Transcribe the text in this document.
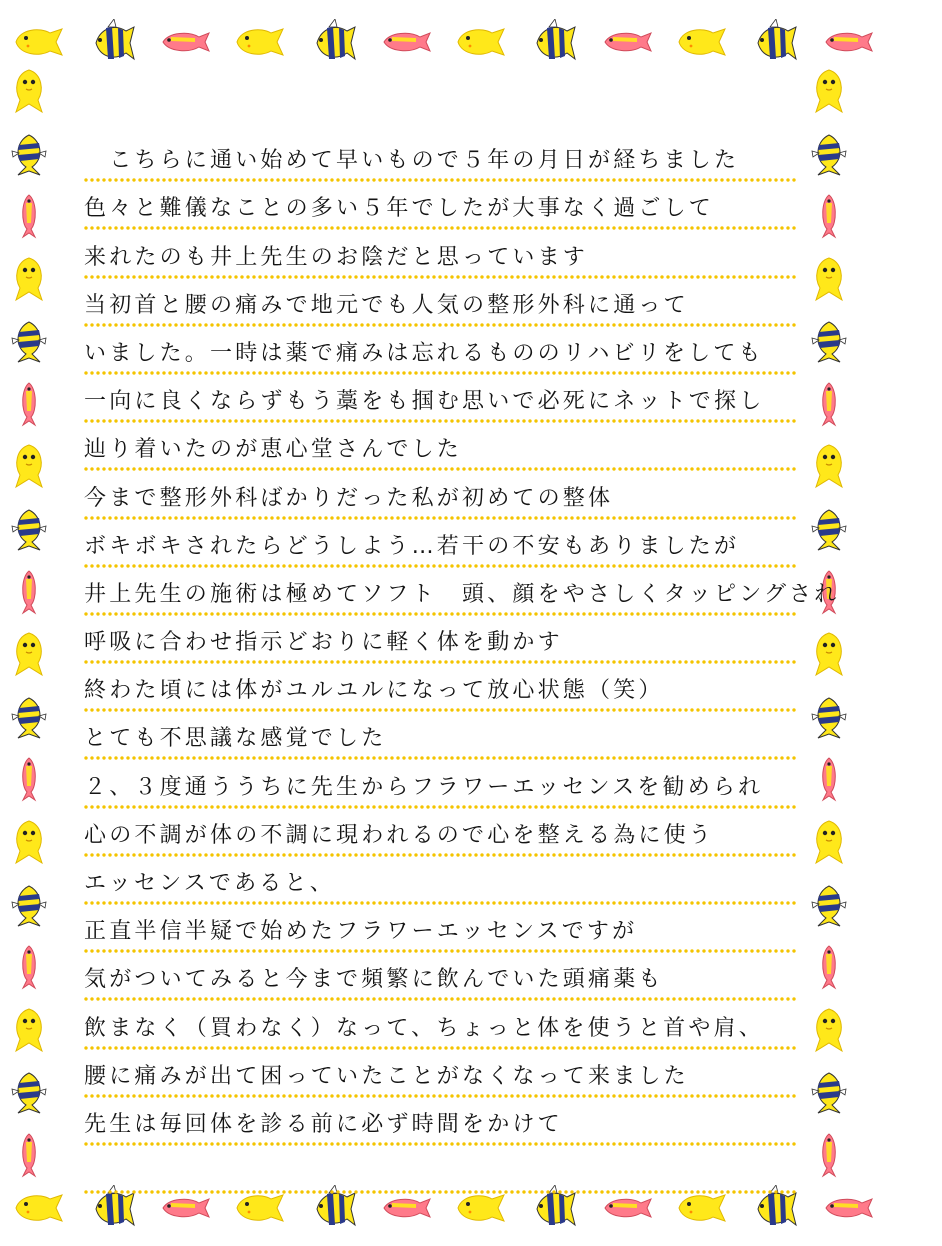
　こちらに通い始めて早いもので５年の月日が経ちました
色々と難儀なことの多い５年でしたが大事なく過ごして
来れたのも井上先生のお陰だと思っています
当初首と腰の痛みで地元でも人気の整形外科に通って
いました。一時は薬で痛みは忘れるもののリハビリをしても
一向に良くならずもう藁をも掴む思いで必死にネットで探し
辿り着いたのが恵心堂さんでした
今まで整形外科ばかりだった私が初めての整体
ボキボキされたらどうしよう…若干の不安もありましたが
井上先生の施術は極めてソフト　頭、顔をやさしくタッピングされ
呼吸に合わせ指示どおりに軽く体を動かす
終わた頃には体がユルユルになって放心状態（笑）
とても不思議な感覚でした
２、３度通ううちに先生からフラワーエッセンスを勧められ
心の不調が体の不調に現われるので心を整える為に使う
エッセンスであると、
正直半信半疑で始めたフラワーエッセンスですが
気がついてみると今まで頻繁に飲んでいた頭痛薬も
飲まなく（買わなく）なって、ちょっと体を使うと首や肩、
腰に痛みが出て困っていたことがなくなって来ました
先生は毎回体を診る前に必ず時間をかけて
